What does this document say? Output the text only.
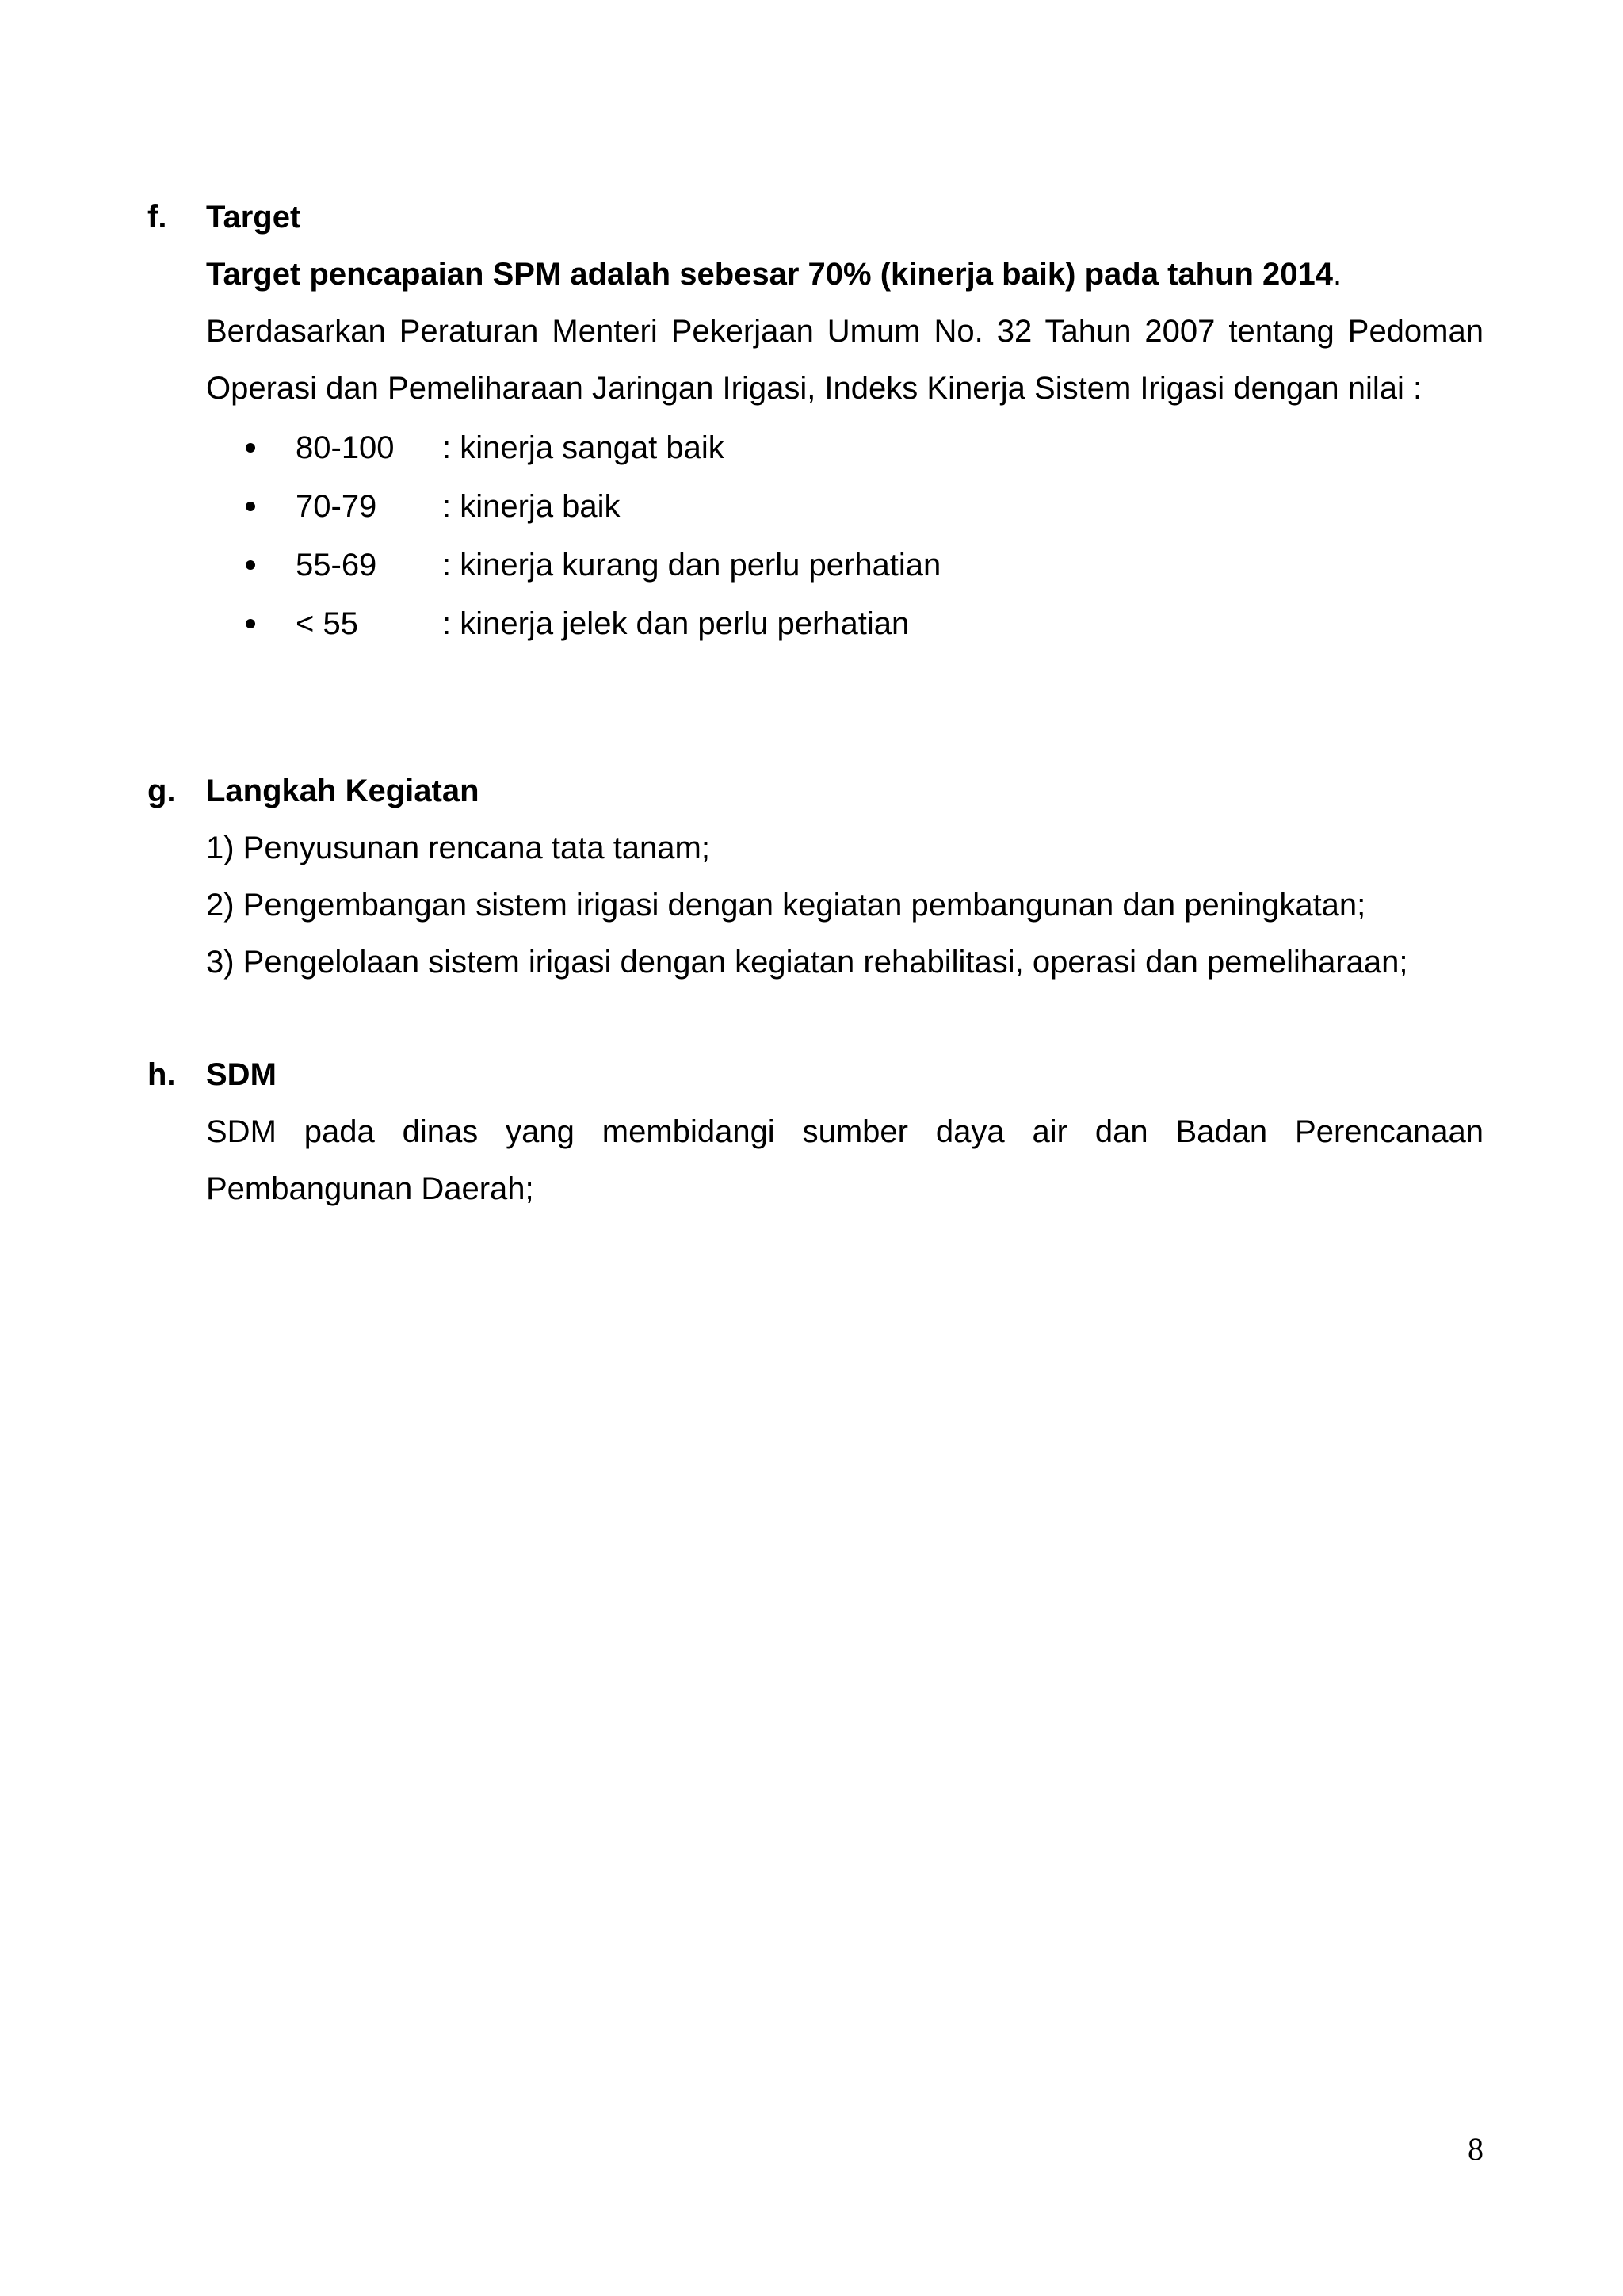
f. Target
Target pencapaian SPM adalah sebesar 70% (kinerja baik) pada tahun 2014.
Berdasarkan Peraturan Menteri Pekerjaan Umum No. 32 Tahun 2007 tentang Pedoman Operasi dan Pemeliharaan Jaringan Irigasi, Indeks Kinerja Sistem Irigasi dengan nilai :
80-100 : kinerja sangat baik
70-79 : kinerja baik
55-69 : kinerja kurang dan perlu perhatian
< 55	: kinerja jelek dan perlu perhatian
g. Langkah Kegiatan
1) Penyusunan rencana tata tanam;
2) Pengembangan sistem irigasi dengan kegiatan pembangunan dan peningkatan;
3) Pengelolaan sistem irigasi dengan kegiatan rehabilitasi, operasi dan pemeliharaan;
h. SDM
SDM pada dinas yang membidangi sumber daya air dan Badan Perencanaan Pembangunan Daerah;
8
